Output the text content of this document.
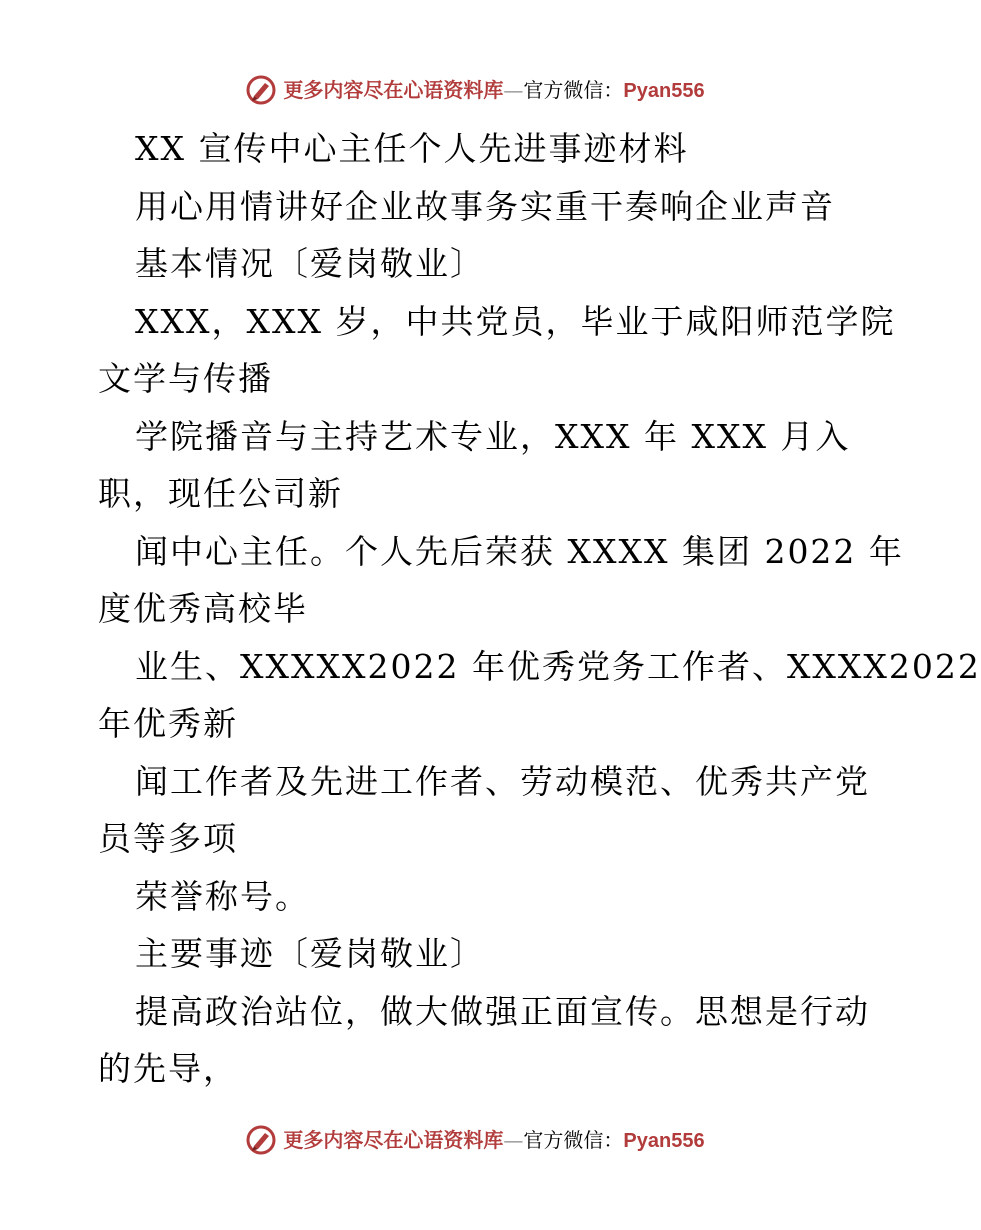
更多内容尽在心语资料库—官方微信：Pyan556
XX 宣传中心主任个人先进事迹材料
用心用情讲好企业故事务实重干奏响企业声音
基本情况〔爱岗敬业〕
XXX，XXX 岁，中共党员，毕业于咸阳师范学院
文学与传播
学院播音与主持艺术专业，XXX 年 XXX 月入
职，现任公司新
闻中心主任。个人先后荣获 XXXX 集团 2022 年
度优秀高校毕
业生、XXXXX2022 年优秀党务工作者、XXXX2022
年优秀新
闻工作者及先进工作者、劳动模范、优秀共产党
员等多项
荣誉称号。
主要事迹〔爱岗敬业〕
提高政治站位，做大做强正面宣传。思想是行动
的先导，
更多内容尽在心语资料库—官方微信：Pyan556
